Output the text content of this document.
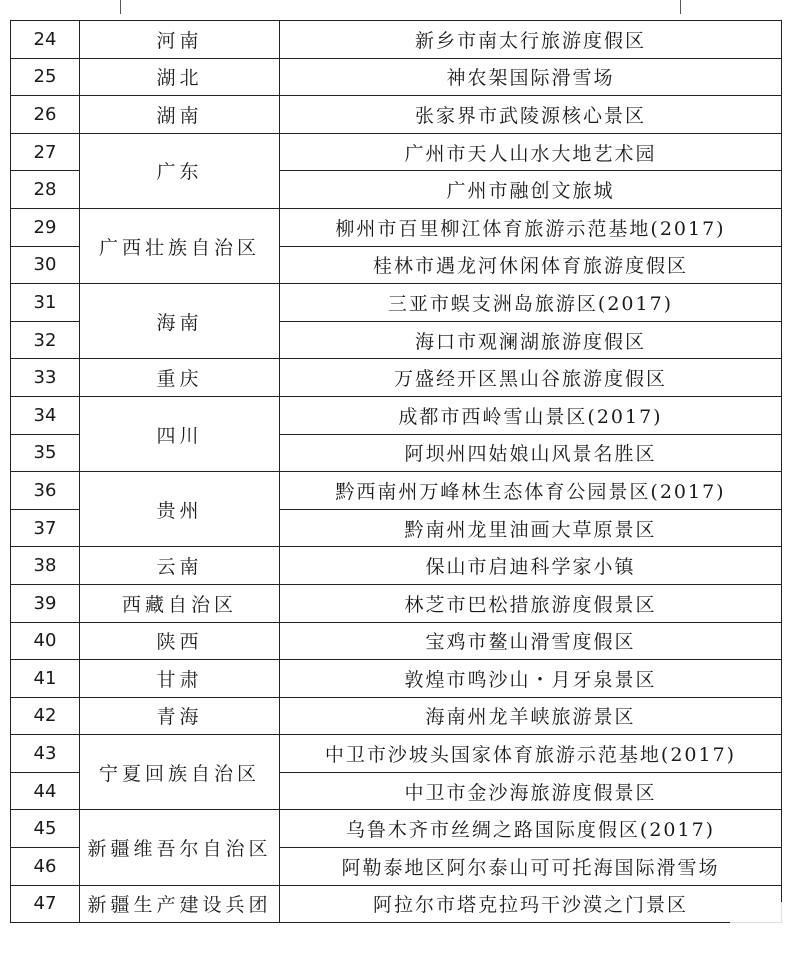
24	河南	新乡市南太行旅游度假区
25	湖北	神农架国际滑雪场
26	湖南	张家界市武陵源核心景区
27	广东	广州市天人山水大地艺术园
28		广州市融创文旅城
29	广西壮族自治区	柳州市百里柳江体育旅游示范基地(2017)
30		桂林市遇龙河休闲体育旅游度假区
31	海南	三亚市蜈支洲岛旅游区(2017)
32		海口市观澜湖旅游度假区
33	重庆	万盛经开区黑山谷旅游度假区
34	四川	成都市西岭雪山景区(2017)
35		阿坝州四姑娘山风景名胜区
36	贵州	黔西南州万峰林生态体育公园景区(2017)
37		黔南州龙里油画大草原景区
38	云南	保山市启迪科学家小镇
39	西藏自治区	林芝市巴松措旅游度假景区
40	陕西	宝鸡市鳌山滑雪度假区
41	甘肃	敦煌市鸣沙山・月牙泉景区
42	青海	海南州龙羊峡旅游景区
43	宁夏回族自治区	中卫市沙坡头国家体育旅游示范基地(2017)
44		中卫市金沙海旅游度假景区
45	新疆维吾尔自治区	乌鲁木齐市丝绸之路国际度假区(2017)
46		阿勒泰地区阿尔泰山可可托海国际滑雪场
47	新疆生产建设兵团	阿拉尔市塔克拉玛干沙漠之门景区
